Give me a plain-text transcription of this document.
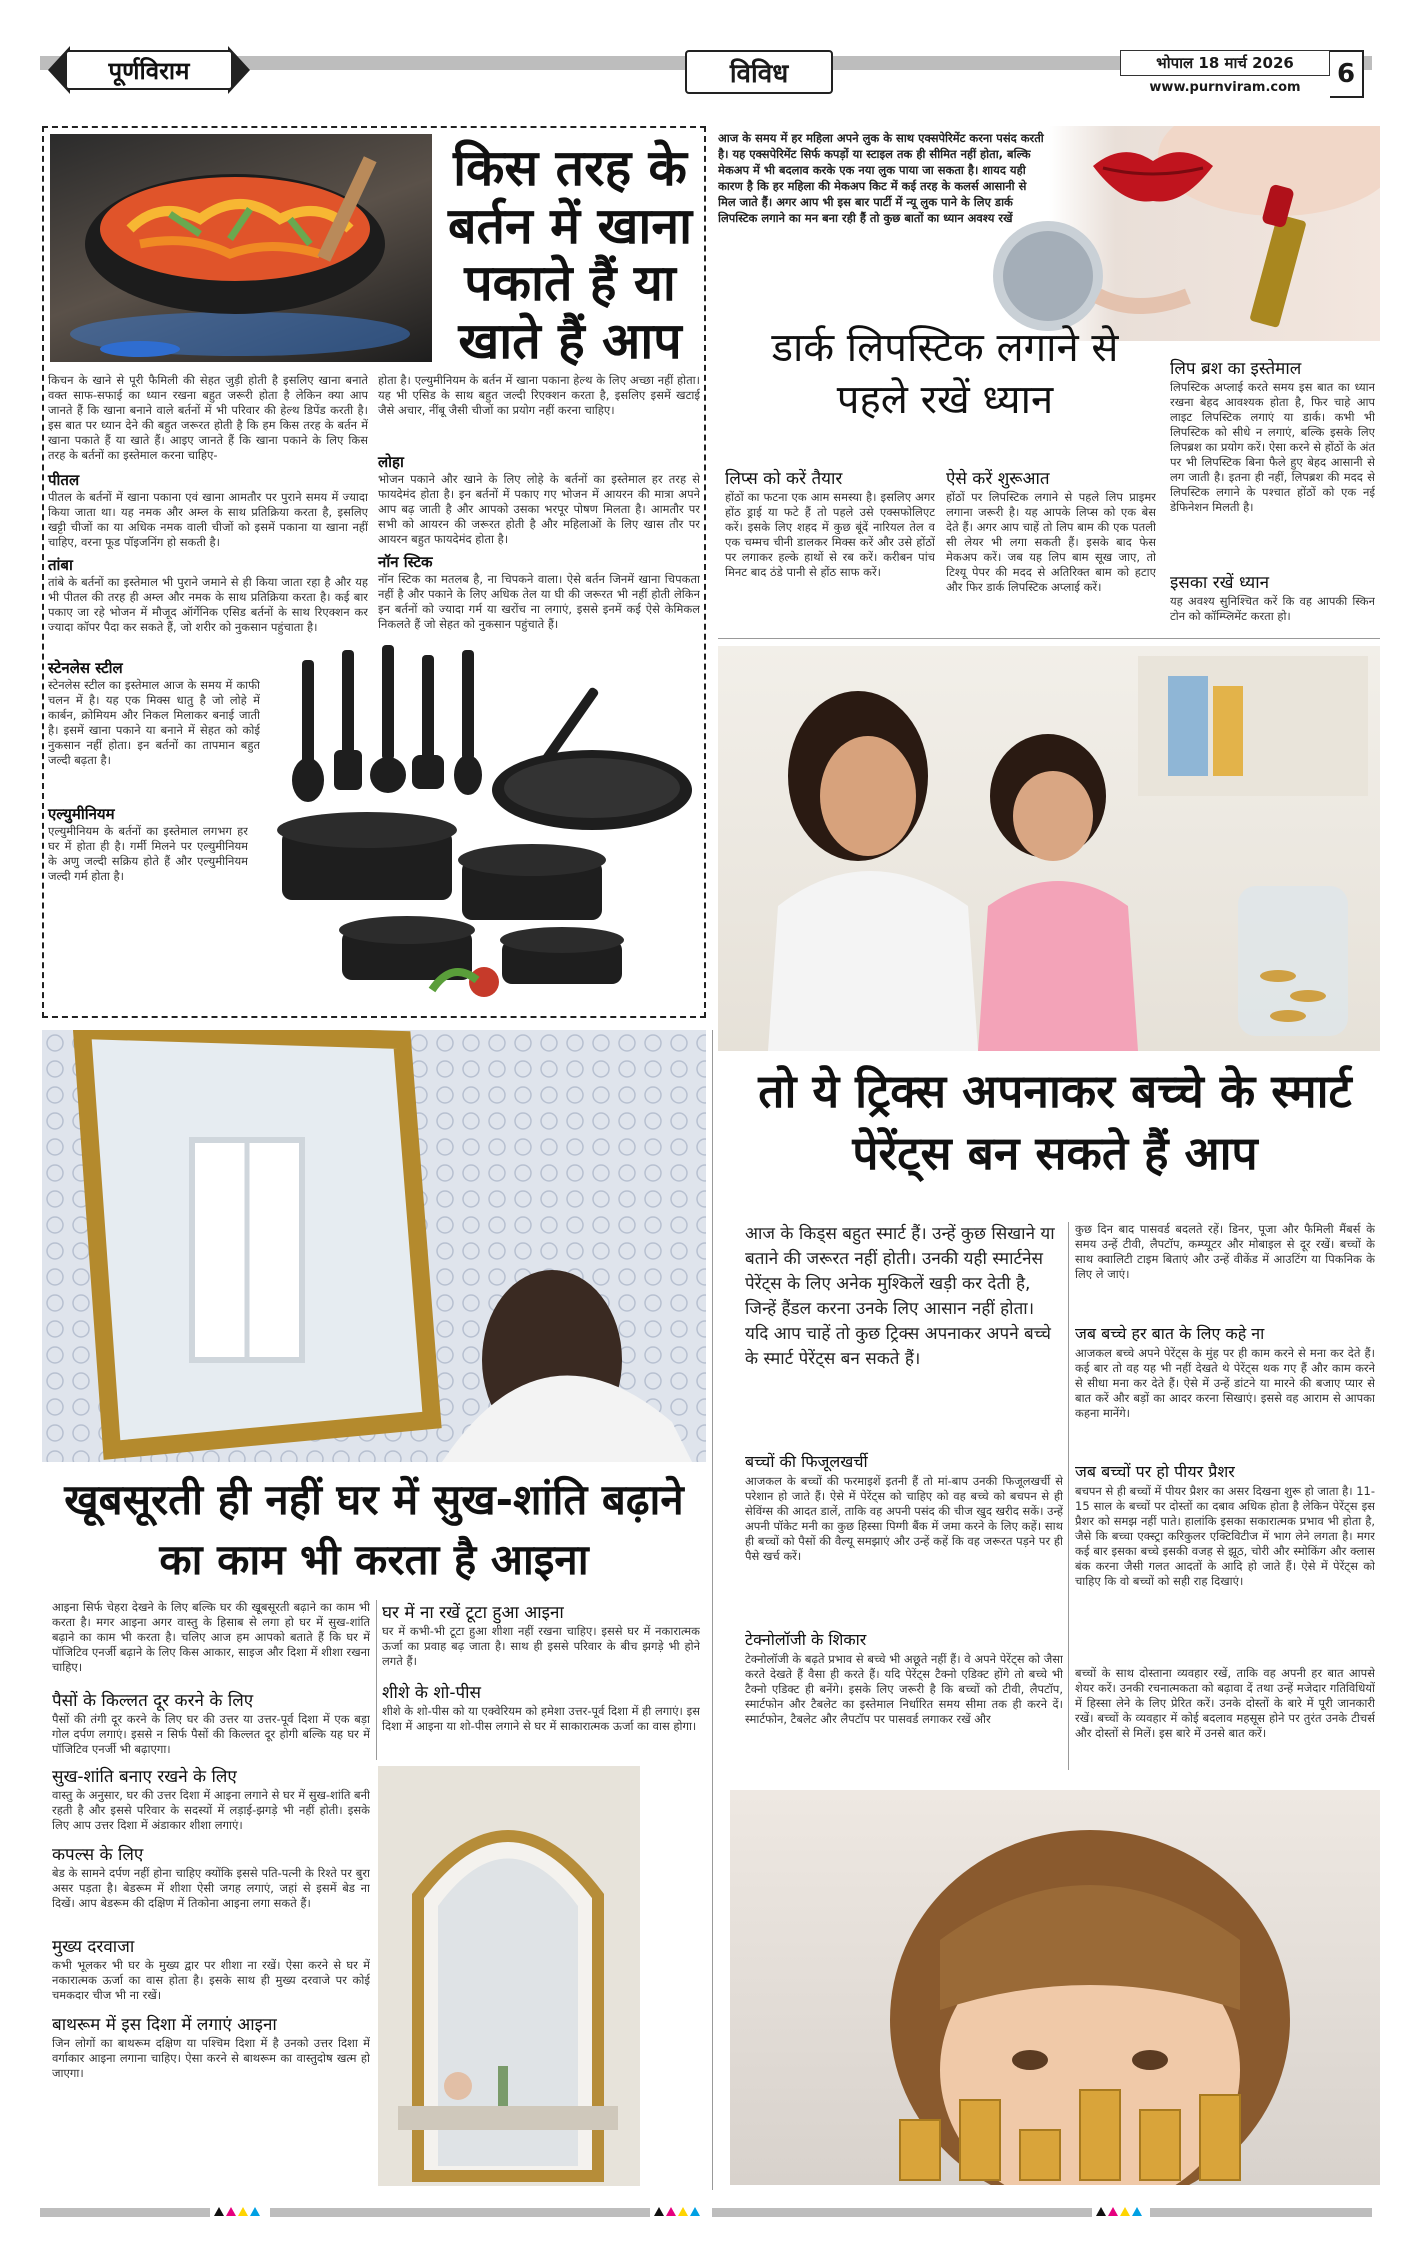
पूर्णविराम	विविध	भोपाल 18 मार्च 2026
www.purnviram.com	6
किस तरह के बर्तन में खाना पकाते हैं या खाते हैं आप
किचन के खाने से पूरी फैमिली की सेहत जुड़ी होती है इसलिए खाना बनाते वक्त साफ-सफाई का ध्यान रखना बहुत जरूरी होता है लेकिन क्या आप जानते हैं कि खाना बनाने वाले बर्तनों में भी परिवार की हेल्थ डिपेंड करती है। इस बात पर ध्यान देने की बहुत जरूरत होती है कि हम किस तरह के बर्तन में खाना पकाते हैं या खाते हैं। आइए जानते हैं कि खाना पकाने के लिए किस तरह के बर्तनों का इस्तेमाल करना चाहिए-
पीतल
पीतल के बर्तनों में खाना पकाना एवं खाना आमतौर पर पुराने समय में ज्यादा किया जाता था। यह नमक और अम्ल के साथ प्रतिक्रिया करता है, इसलिए खट्टी चीजों का या अधिक नमक वाली चीजों को इसमें पकाना या खाना नहीं चाहिए, वरना फूड पॉइजनिंग हो सकती है।
तांबा
तांबे के बर्तनों का इस्तेमाल भी पुराने जमाने से ही किया जाता रहा है और यह भी पीतल की तरह ही अम्ल और नमक के साथ प्रतिक्रिया करता है। कई बार पकाए जा रहे भोजन में मौजूद ऑर्गेनिक एसिड बर्तनों के साथ रिएक्शन कर ज्यादा कॉपर पैदा कर सकते हैं, जो शरीर को नुकसान पहुंचाता है।
स्टेनलेस स्टील
स्टेनलेस स्टील का इस्तेमाल आज के समय में काफी चलन में है। यह एक मिक्स धातु है जो लोहे में कार्बन, क्रोमियम और निकल मिलाकर बनाई जाती है। इसमें खाना पकाने या बनाने में सेहत को कोई नुकसान नहीं होता। इन बर्तनों का तापमान बहुत जल्दी बढ़ता है।
एल्युमीनियम
एल्युमीनियम के बर्तनों का इस्तेमाल लगभग हर घर में होता ही है। गर्मी मिलने पर एल्युमीनियम के अणु जल्दी सक्रिय होते हैं और एल्युमीनियम जल्दी गर्म होता है।
होता है। एल्युमीनियम के बर्तन में खाना पकाना हेल्थ के लिए अच्छा नहीं होता। यह भी एसिड के साथ बहुत जल्दी रिएक्शन करता है, इसलिए इसमें खटाई जैसे अचार, नींबू जैसी चीजों का प्रयोग नहीं करना चाहिए।
लोहा
भोजन पकाने और खाने के लिए लोहे के बर्तनों का इस्तेमाल हर तरह से फायदेमंद होता है। इन बर्तनों में पकाए गए भोजन में आयरन की मात्रा अपने आप बढ़ जाती है और आपको उसका भरपूर पोषण मिलता है। आमतौर पर सभी को आयरन की जरूरत होती है और महिलाओं के लिए खास तौर पर आयरन बहुत फायदेमंद होता है।
नॉन स्टिक
नॉन स्टिक का मतलब है, ना चिपकने वाला। ऐसे बर्तन जिनमें खाना चिपकता नहीं है और पकाने के लिए अधिक तेल या घी की जरूरत भी नहीं होती लेकिन इन बर्तनों को ज्यादा गर्म या खरोंच ना लगाएं, इससे इनमें कई ऐसे केमिकल निकलते हैं जो सेहत को नुकसान पहुंचाते हैं।
आज के समय में हर महिला अपने लुक के साथ एक्सपेरिमेंट करना पसंद करती है। यह एक्सपेरिमेंट सिर्फ कपड़ों या स्टाइल तक ही सीमित नहीं होता, बल्कि मेकअप में भी बदलाव करके एक नया लुक पाया जा सकता है। शायद यही कारण है कि हर महिला की मेकअप किट में कई तरह के कलर्स आसानी से मिल जाते हैं। अगर आप भी इस बार पार्टी में न्यू लुक पाने के लिए डार्क लिपस्टिक लगाने का मन बना रही हैं तो कुछ बातों का ध्यान अवश्य रखें
डार्क लिपस्टिक लगाने से पहले रखें ध्यान
लिप ब्रश का इस्तेमाल
लिपस्टिक अप्लाई करते समय इस बात का ध्यान रखना बेहद आवश्यक होता है, फिर चाहे आप लाइट लिपस्टिक लगाएं या डार्क। कभी भी लिपस्टिक को सीधे न लगाएं, बल्कि इसके लिए लिपब्रश का प्रयोग करें। ऐसा करने से होंठों के अंत पर भी लिपस्टिक बिना फैले हुए बेहद आसानी से लग जाती है। इतना ही नहीं, लिपब्रश की मदद से लिपस्टिक लगाने के पश्चात होंठों को एक नई डेफिनेशन मिलती है।
इसका रखें ध्यान
यह अवश्य सुनिश्चित करें कि वह आपकी स्किन टोन को कॉम्प्लिमेंट करता हो।
लिप्स को करें तैयार
होंठों का फटना एक आम समस्या है। इसलिए अगर होंठ ड्राई या फटे हैं तो पहले उसे एक्सफोलिएट करें। इसके लिए शहद में कुछ बूंदें नारियल तेल व एक चम्मच चीनी डालकर मिक्स करें और उसे होंठों पर लगाकर हल्के हाथों से रब करें। करीबन पांच मिनट बाद ठंडे पानी से होंठ साफ करें।
ऐसे करें शुरूआत
होंठों पर लिपस्टिक लगाने से पहले लिप प्राइमर लगाना जरूरी है। यह आपके लिप्स को एक बेस देते हैं। अगर आप चाहें तो लिप बाम की एक पतली सी लेयर भी लगा सकती हैं। इसके बाद फेस मेकअप करें। जब यह लिप बाम सूख जाए, तो टिश्यू पेपर की मदद से अतिरिक्त बाम को हटाए और फिर डार्क लिपस्टिक अप्लाई करें।
तो ये ट्रिक्स अपनाकर बच्चे के स्मार्ट पेरेंट्स बन सकते हैं आप
आज के किड्स बहुत स्मार्ट हैं। उन्हें कुछ सिखाने या बताने की जरूरत नहीं होती। उनकी यही स्मार्टनेस पेरेंट्स के लिए अनेक मुश्किलें खड़ी कर देती है, जिन्हें हैंडल करना उनके लिए आसान नहीं होता। यदि आप चाहें तो कुछ ट्रिक्स अपनाकर अपने बच्चे के स्मार्ट पेरेंट्स बन सकते हैं।
बच्चों की फिजूलखर्ची
आजकल के बच्चों की फरमाइशें इतनी हैं तो मां-बाप उनकी फिजूलखर्ची से परेशान हो जाते हैं। ऐसे में पेरेंट्स को चाहिए को वह बच्चे को बचपन से ही सेविंग्स की आदत डालें, ताकि वह अपनी पसंद की चीज खुद खरीद सकें। उन्हें अपनी पॉकेट मनी का कुछ हिस्सा पिग्गी बैंक में जमा करने के लिए कहें। साथ ही बच्चों को पैसों की वैल्यू समझाएं और उन्हें कहें कि वह जरूरत पड़ने पर ही पैसे खर्च करें।
टेक्नोलॉजी के शिकार
टेक्नोलॉजी के बढ़ते प्रभाव से बच्चे भी अछूते नहीं हैं। वे अपने पेरेंट्स को जैसा करते देखते हैं वैसा ही करते हैं। यदि पेरेंट्स टैक्नो एडिक्ट होंगे तो बच्चे भी टैक्नो एडिक्ट ही बनेंगे। इसके लिए जरूरी है कि बच्चों को टीवी, लैपटॉप, स्मार्टफोन और टैबलेट का इस्तेमाल निर्धारित समय सीमा तक ही करने दें। स्मार्टफोन, टैबलेट और लैपटॉप पर पासवर्ड लगाकर रखें और
कुछ दिन बाद पासवर्ड बदलते रहें। डिनर, पूजा और फैमिली मैंबर्स के समय उन्हें टीवी, लैपटॉप, कम्प्यूटर और मोबाइल से दूर रखें। बच्चों के साथ क्वालिटी टाइम बिताएं और उन्हें वीकेंड में आउटिंग या पिकनिक के लिए ले जाएं।
जब बच्चे हर बात के लिए कहे ना
आजकल बच्चे अपने पेरेंट्स के मुंह पर ही काम करने से मना कर देते हैं। कई बार तो वह यह भी नहीं देखते थे पेरेंट्स थक गए हैं और काम करने से सीधा मना कर देते हैं। ऐसे में उन्हें डांटने या मारने की बजाए प्यार से बात करें और बड़ों का आदर करना सिखाएं। इससे वह आराम से आपका कहना मानेंगे।
जब बच्चों पर हो पीयर प्रैशर
बचपन से ही बच्चों में पीयर प्रैशर का असर दिखना शुरू हो जाता है। 11-15 साल के बच्चों पर दोस्तों का दबाव अधिक होता है लेकिन पेरेंट्स इस प्रैशर को समझ नहीं पाते। हालांकि इसका सकारात्मक प्रभाव भी होता है, जैसे कि बच्चा एक्स्ट्रा करिकुलर एक्टिविटीज में भाग लेने लगता है। मगर कई बार इसका बच्चे इसकी वजह से झूठ, चोरी और स्मोकिंग और क्लास बंक करना जैसी गलत आदतों के आदि हो जाते हैं। ऐसे में पेरेंट्स को चाहिए कि वो बच्चों को सही राह दिखाएं।
बच्चों के साथ दोस्ताना व्यवहार रखें, ताकि वह अपनी हर बात आपसे शेयर करें। उनकी रचनात्मकता को बढ़ावा दें तथा उन्हें मजेदार गतिविधियों में हिस्सा लेने के लिए प्रेरित करें। उनके दोस्तों के बारे में पूरी जानकारी रखें। बच्चों के व्यवहार में कोई बदलाव महसूस होने पर तुरंत उनके टीचर्स और दोस्तों से मिलें। इस बारे में उनसे बात करें।
खूबसूरती ही नहीं घर में सुख-शांति बढ़ाने का काम भी करता है आइना
आइना सिर्फ चेहरा देखने के लिए बल्कि घर की खूबसूरती बढ़ाने का काम भी करता है। मगर आइना अगर वास्तु के हिसाब से लगा हो घर में सुख-शांति बढ़ाने का काम भी करता है। चलिए आज हम आपको बताते हैं कि घर में पॉजिटिव एनर्जी बढ़ाने के लिए किस आकार, साइज और दिशा में शीशा रखना चाहिए।
पैसों के किल्लत दूर करने के लिए
पैसों की तंगी दूर करने के लिए घर की उत्तर या उत्तर-पूर्व दिशा में एक बड़ा गोल दर्पण लगाएं। इससे न सिर्फ पैसों की किल्लत दूर होगी बल्कि यह घर में पॉजिटिव एनर्जी भी बढ़ाएगा।
सुख-शांति बनाए रखने के लिए
वास्तु के अनुसार, घर की उत्तर दिशा में आइना लगाने से घर में सुख-शांति बनी रहती है और इससे परिवार के सदस्यों में लड़ाई-झगड़े भी नहीं होती। इसके लिए आप उत्तर दिशा में अंडाकार शीशा लगाएं।
कपल्स के लिए
बेड के सामने दर्पण नहीं होना चाहिए क्योंकि इससे पति-पत्नी के रिश्ते पर बुरा असर पड़ता है। बेडरूम में शीशा ऐसी जगह लगाएं, जहां से इसमें बेड ना दिखें। आप बेडरूम की दक्षिण में तिकोना आइना लगा सकते हैं।
मुख्य दरवाजा
कभी भूलकर भी घर के मुख्य द्वार पर शीशा ना रखें। ऐसा करने से घर में नकारात्मक ऊर्जा का वास होता है। इसके साथ ही मुख्य दरवाजे पर कोई चमकदार चीज भी ना रखें।
बाथरूम में इस दिशा में लगाएं आइना
जिन लोगों का बाथरूम दक्षिण या पश्चिम दिशा में है उनको उत्तर दिशा में वर्गाकार आइना लगाना चाहिए। ऐसा करने से बाथरूम का वास्तुदोष खत्म हो जाएगा।
घर में ना रखें टूटा हुआ आइना
घर में कभी-भी टूटा हुआ शीशा नहीं रखना चाहिए। इससे घर में नकारात्मक ऊर्जा का प्रवाह बढ़ जाता है। साथ ही इससे परिवार के बीच झगड़े भी होने लगते हैं।
शीशे के शो-पीस
शीशे के शो-पीस को या एक्वेरियम को हमेशा उत्तर-पूर्व दिशा में ही लगाएं। इस दिशा में आइना या शो-पीस लगाने से घर में साकारात्मक ऊर्जा का वास होगा।
